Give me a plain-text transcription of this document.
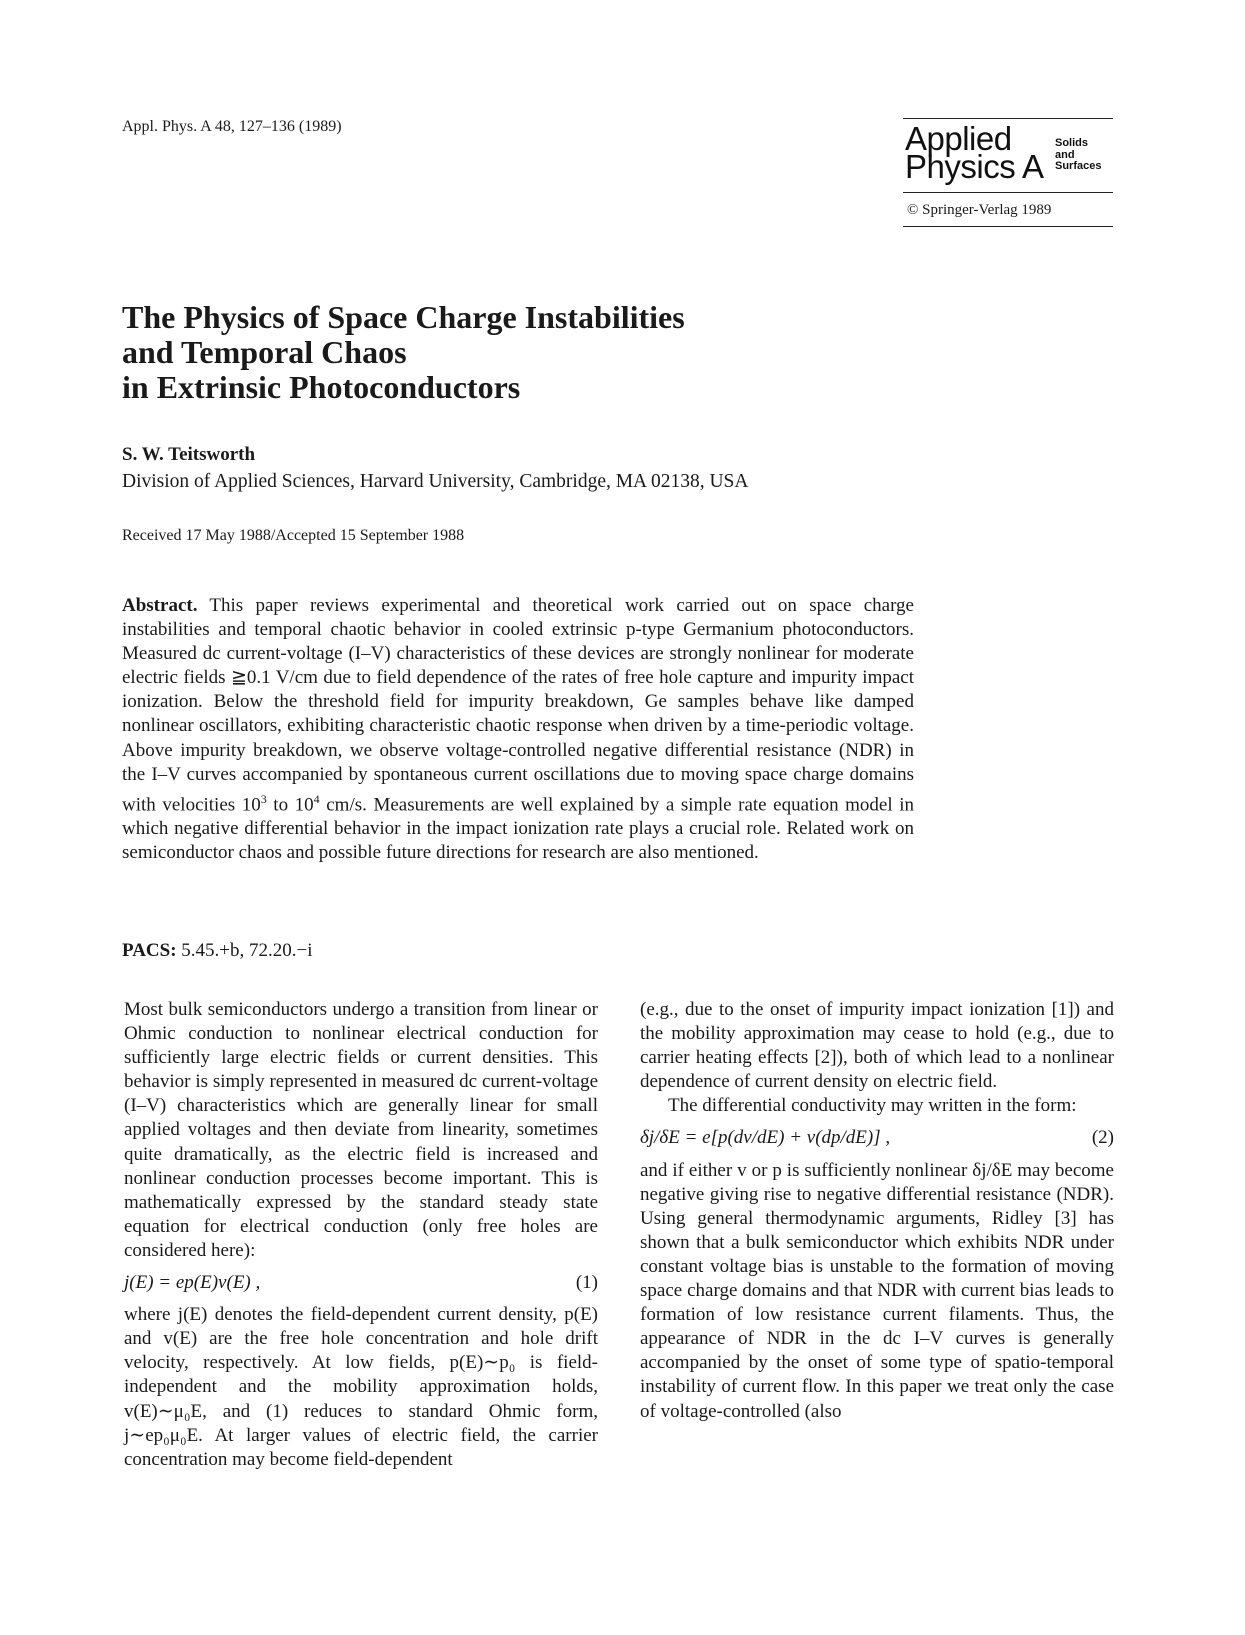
Appl. Phys. A 48, 127–136 (1989)	Applied
Physics A
Solids
and
Surfaces
© Springer-Verlag 1989
The Physics of Space Charge Instabilities
and Temporal Chaos
in Extrinsic Photoconductors
S. W. Teitsworth
Division of Applied Sciences, Harvard University, Cambridge, MA 02138, USA
Received 17 May 1988/Accepted 15 September 1988
Abstract. This paper reviews experimental and theoretical work carried out on space charge instabilities and temporal chaotic behavior in cooled extrinsic p-type Germanium photoconductors. Measured dc current-voltage (I–V) characteristics of these devices are strongly nonlinear for moderate electric fields ≧0.1 V/cm due to field dependence of the rates of free hole capture and impurity impact ionization. Below the threshold field for impurity breakdown, Ge samples behave like damped nonlinear oscillators, exhibiting characteristic chaotic response when driven by a time-periodic voltage. Above impurity breakdown, we observe voltage-controlled negative differential resistance (NDR) in the I–V curves accompanied by spontaneous current oscillations due to moving space charge domains with velocities $10^3$ to $10^4$ cm/s. Measurements are well explained by a simple rate equation model in which negative differential behavior in the impact ionization rate plays a crucial role. Related work on semiconductor chaos and possible future directions for research are also mentioned.
PACS: 5.45.+b, 72.20.−i

Most bulk semiconductors undergo a transition from linear or Ohmic conduction to nonlinear electrical conduction for sufficiently large electric fields or current densities. This behavior is simply represented in measured dc current-voltage (I–V) characteristics which are generally linear for small applied voltages and then deviate from linearity, sometimes quite dramatically, as the electric field is increased and nonlinear conduction processes become important. This is mathematically expressed by the standard steady state equation for electrical conduction (only free holes are considered here):

j(E) = ep(E)v(E) ,	(1)

where j(E) denotes the field-dependent current density, p(E) and v(E) are the free hole concentration and hole drift velocity, respectively. At low fields, p(E)∼p₀ is field-independent and the mobility approximation holds, v(E)∼μ₀E, and (1) reduces to standard Ohmic form, j∼ep₀μ₀E. At larger values of electric field, the carrier concentration may become field-dependent

(e.g., due to the onset of impurity impact ionization [1]) and the mobility approximation may cease to hold (e.g., due to carrier heating effects [2]), both of which lead to a nonlinear dependence of current density on electric field.

The differential conductivity may written in the form:

δj/δE = e[p(dv/dE) + v(dp/dE)] ,	(2)

and if either v or p is sufficiently nonlinear δj/δE may become negative giving rise to negative differential resistance (NDR). Using general thermodynamic arguments, Ridley [3] has shown that a bulk semiconductor which exhibits NDR under constant voltage bias is unstable to the formation of moving space charge domains and that NDR with current bias leads to formation of low resistance current filaments. Thus, the appearance of NDR in the dc I–V curves is generally accompanied by the onset of some type of spatio-temporal instability of current flow. In this paper we treat only the case of voltage-controlled (also
